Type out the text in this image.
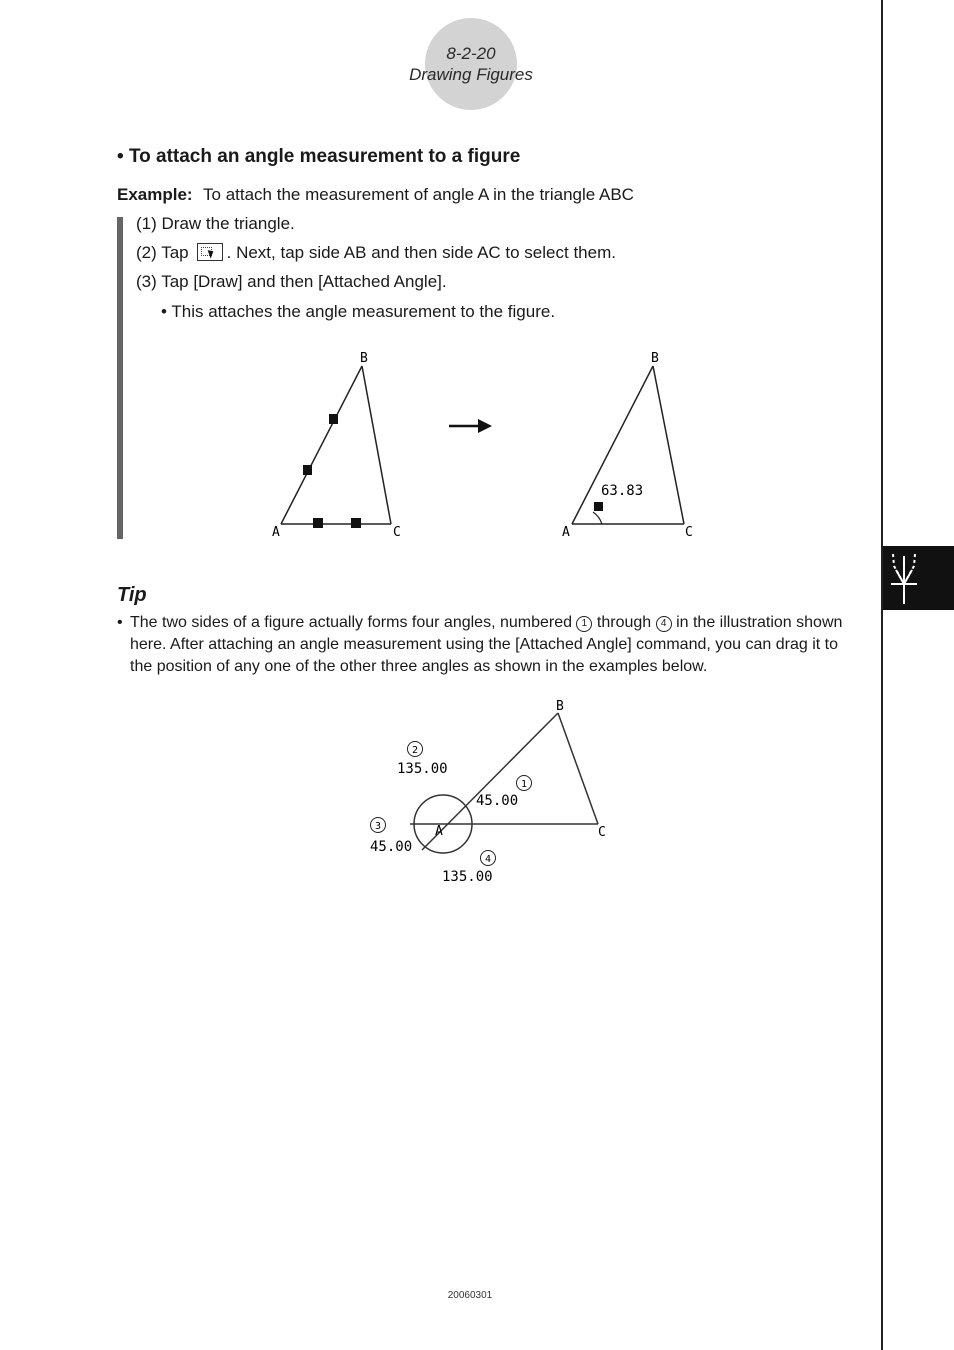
8-2-20
Drawing Figures
• To attach an angle measurement to a figure
Example: To attach the measurement of angle A in the triangle ABC
(1) Draw the triangle.
(2) Tap . Next, tap side AB and then side AC to select them.
(3) Tap [Draw] and then [Attached Angle].
• This attaches the angle measurement to the figure.
A
B
C
63.83
A
B
C
A
B
C
1
45.00
2
135.00
3
45.00
4
135.00
Tip
• The two sides of a figure actually forms four angles, numbered 1 through 4 in the illustration shown here. After attaching an angle measurement using the [Attached Angle] command, you can drag it to the position of any one of the other three angles as shown in the examples below.
20060301
